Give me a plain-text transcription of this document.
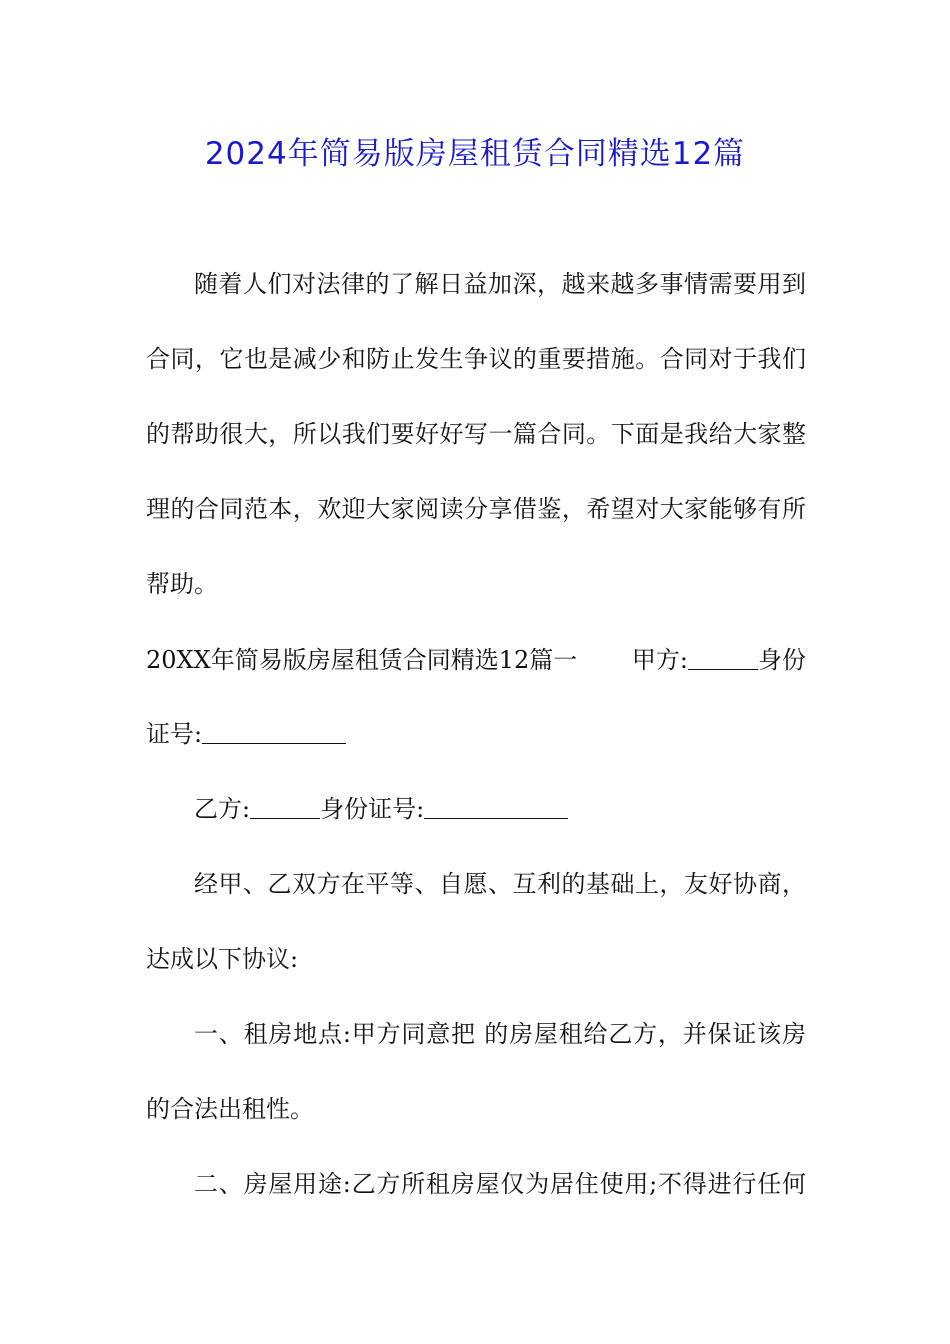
2024年简易版房屋租赁合同精选12篇
随着人们对法律的了解日益加深，越来越多事情需要用到
合同，它也是减少和防止发生争议的重要措施。合同对于我们
的帮助很大，所以我们要好好写一篇合同。下面是我给大家整
理的合同范本，欢迎大家阅读分享借鉴，希望对大家能够有所
帮助。
20XX年简易版房屋租赁合同精选12篇一 甲方:	身份
证号:
乙方:	身份证号:
经甲、乙双方在平等、自愿、互利的基础上，友好协商，
达成以下协议:
一、租房地点:甲方同意把 的房屋租给乙方，并保证该房
的合法出租性。
二、房屋用途:乙方所租房屋仅为居住使用;不得进行任何
